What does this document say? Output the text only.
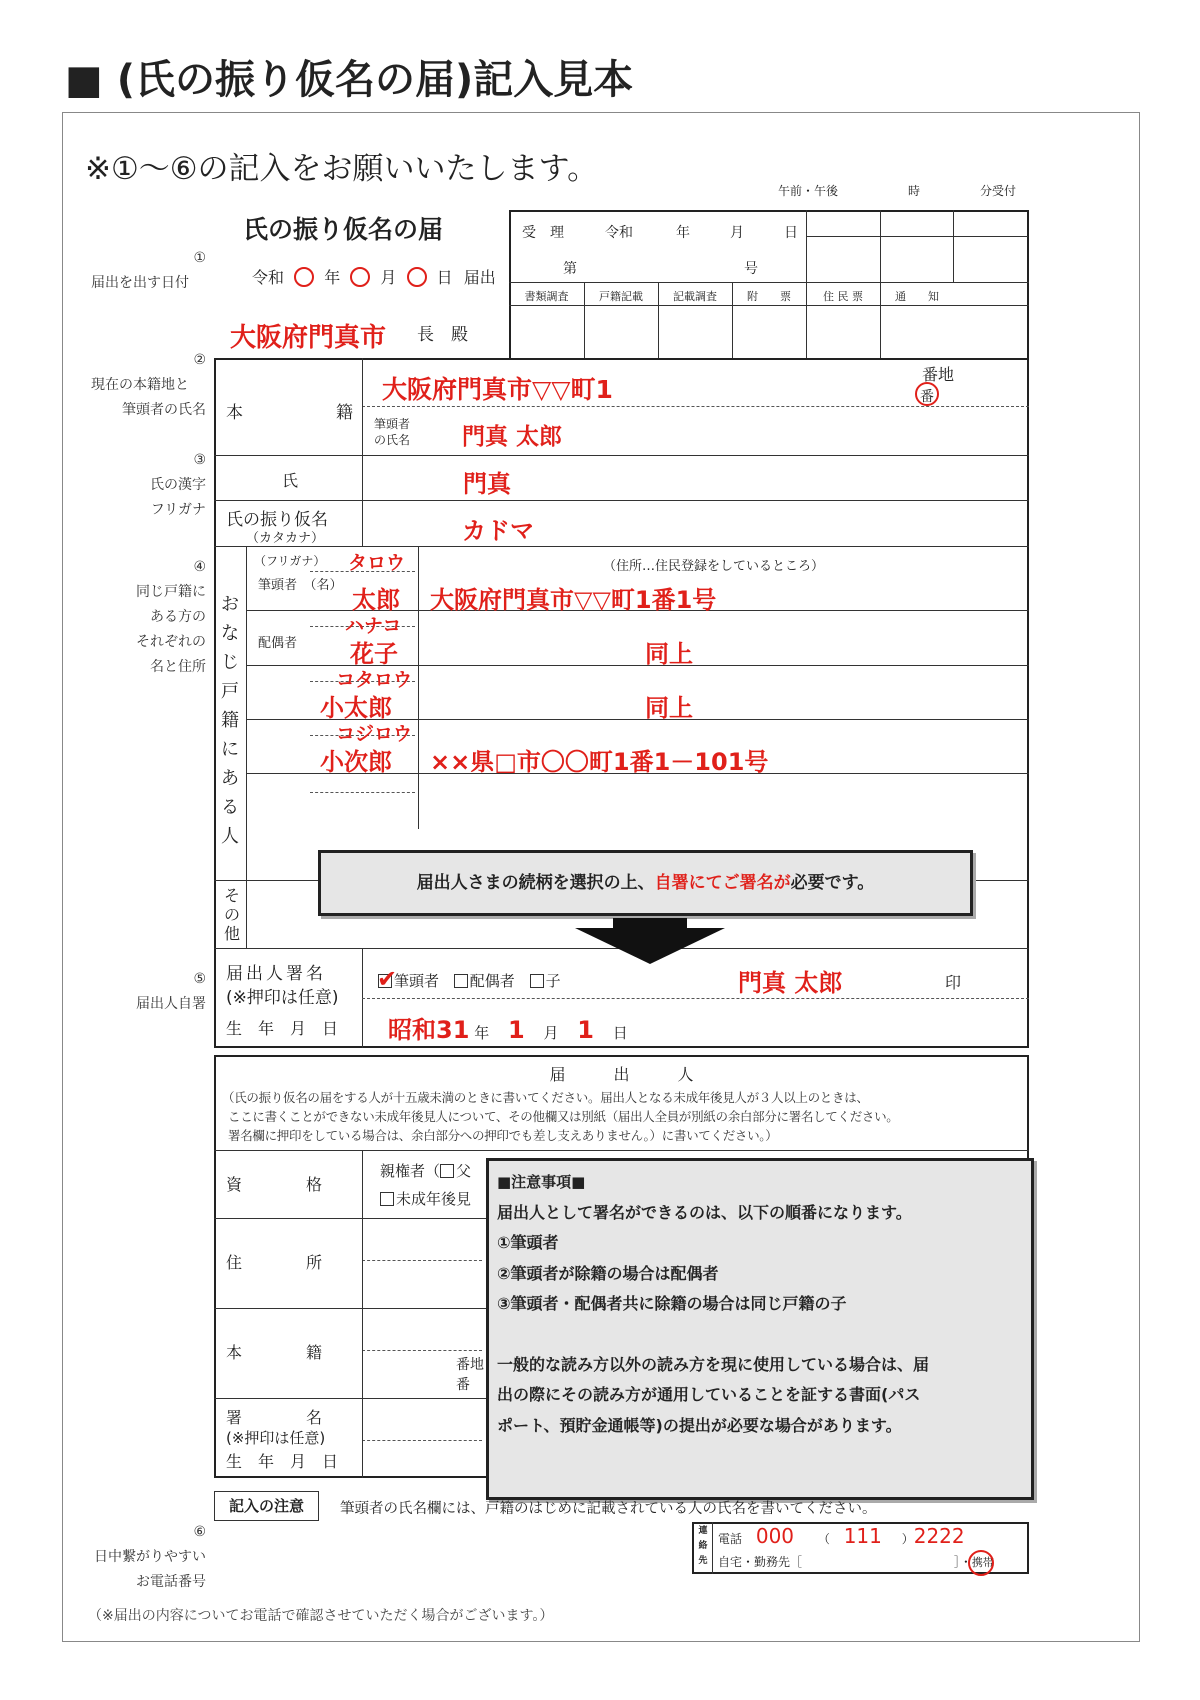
■ (氏の振り仮名の届)記入見本
※①～⑥の記入をお願いいたします。
午前・午後	時	分受付
氏の振り仮名の届
令和	年	月	日 届出
大阪府門真市 長　殿
受　理	令和	年	月	日
第	号
書類調査	戸籍記載	記載調査	附　　票	住 民 票	通　　知
①
届出を出す日付
②
現在の本籍地と
筆頭者の氏名
③
氏の漢字
フリガナ
④
同じ戸籍に
ある方の
それぞれの
名と住所
⑤
届出人自署
⑥
日中繋がりやすい
お電話番号
（※届出の内容についてお電話で確認させていただく場合がございます。）
本	籍
大阪府門真市▽▽町1
番地
番
筆頭者
の氏名 門真 太郎
氏	門真
氏の振り仮名
（カタカナ）	カドマ
（フリガナ）
筆頭者　（名）
配偶者
（住所…住民登録をしているところ）
タロウ
太郎 大阪府門真市▽▽町1番1号
ハナコ
花子	同上
コタロウ
小太郎	同上
コジロウ
小次郎 ××県□市〇〇町1番1－101号
お
な
じ
戸
籍
に
あ
る
人
そ
の
他
届出人さまの続柄を選択の上、自署にてご署名が必要です。
届出人署名
(※押印は任意)
生　年　月　日
✔
筆頭者 配偶者 子	門真 太郎	印
昭和31 年 1 月 1 日
届　　　出　　　人
（氏の振り仮名の届をする人が十五歳未満のときに書いてください。届出人となる未成年後見人が３人以上のときは、
ここに書くことができない未成年後見人について、その他欄又は別紙（届出人全員が別紙の余白部分に署名してください。
署名欄に押印をしている場合は、余白部分への押印でも差し支えありません。）に書いてください。）
資　　　　格
親権者（ 父
未成年後見
住　　　　所
本　　　　籍
番地
番
署　　　　名
(※押印は任意)
生　年　月　日
■注意事項■
届出人として署名ができるのは、以下の順番になります。
①筆頭者
②筆頭者が除籍の場合は配偶者
③筆頭者・配偶者共に除籍の場合は同じ戸籍の子
一般的な読み方以外の読み方を現に使用している場合は、届
出の際にその読み方が通用していることを証する書面(パス
ポート、預貯金通帳等)の提出が必要な場合があります。
記入の注意	筆頭者の氏名欄には、戸籍のはじめに記載されている人の氏名を書いてください。
連
絡
先
電話 000 （ 111 ）2222
自宅・勤務先［	］・携帯
